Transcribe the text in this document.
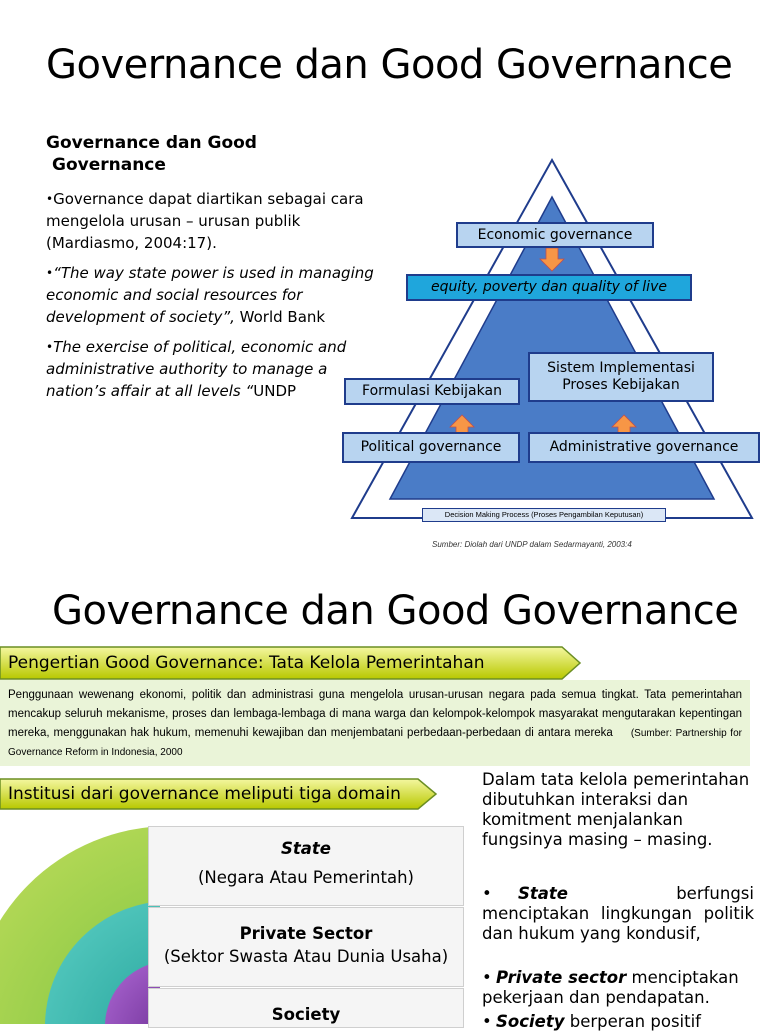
Governance dan Good Governance
Governance dan Good
Governance
•Governance dapat diartikan sebagai cara mengelola urusan – urusan publik (Mardiasmo, 2004:17).
•“The way state power is used in managing economic and social resources for development of society”, World Bank
•The exercise of political, economic and administrative authority to manage a nation’s affair at all levels “UNDP
Economic governance
equity, poverty dan quality of live
Sistem Implementasi Proses Kebijakan
Formulasi Kebijakan
Political governance	Administrative governance
Decision Making Process (Proses Pengambilan Keputusan)
Sumber: Diolah dari UNDP dalam Sedarmayanti, 2003:4
Governance dan Good Governance
Pengertian Good Governance: Tata Kelola Pemerintahan
Penggunaan wewenang ekonomi, politik dan administrasi guna mengelola urusan-urusan negara pada semua tingkat. Tata pemerintahan mencakup seluruh mekanisme, proses dan lembaga-lembaga di mana warga dan kelompok-kelompok masyarakat mengutarakan kepentingan mereka, menggunakan hak hukum, memenuhi kewajiban dan menjembatani perbedaan-perbedaan di antara mereka (Sumber: Partnership for Governance Reform in Indonesia, 2000
Institusi dari governance meliputi tiga domain
State
(Negara Atau Pemerintah)
Private Sector
(Sektor Swasta Atau Dunia Usaha)
Society
Dalam tata kelola pemerintahan dibutuhkan interaksi dan komitment menjalankan fungsinya masing – masing.
• State berfungsi menciptakan lingkungan politik dan hukum yang kondusif,
• Private sector menciptakan pekerjaan dan pendapatan.
• Society berperan positif
